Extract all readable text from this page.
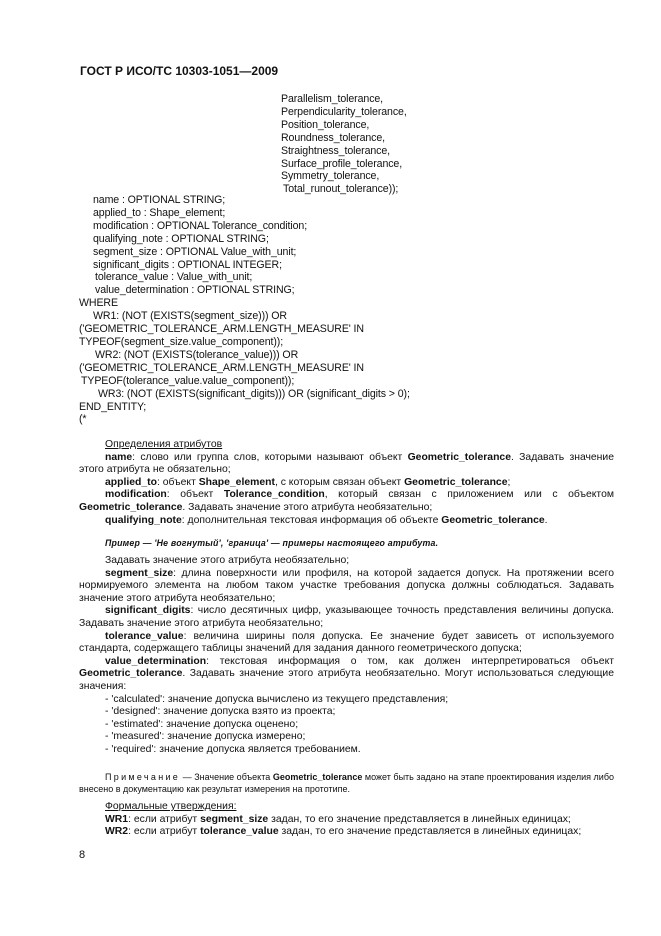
ГОСТ Р ИСО/ТС 10303-1051—2009
Parallelism_tolerance,
Perpendicularity_tolerance,
Position_tolerance,
Roundness_tolerance,
Straightness_tolerance,
Surface_profile_tolerance,
Symmetry_tolerance,
Total_runout_tolerance));
name : OPTIONAL STRING;
applied_to : Shape_element;
modification : OPTIONAL Tolerance_condition;
qualifying_note : OPTIONAL STRING;
segment_size : OPTIONAL Value_with_unit;
significant_digits : OPTIONAL INTEGER;
tolerance_value : Value_with_unit;
value_determination : OPTIONAL STRING;
WHERE
WR1: (NOT (EXISTS(segment_size))) OR
('GEOMETRIC_TOLERANCE_ARM.LENGTH_MEASURE' IN
TYPEOF(segment_size.value_component));
WR2: (NOT (EXISTS(tolerance_value))) OR
('GEOMETRIC_TOLERANCE_ARM.LENGTH_MEASURE' IN
TYPEOF(tolerance_value.value_component));
WR3: (NOT (EXISTS(significant_digits))) OR (significant_digits > 0);
END_ENTITY;
(*

Определения атрибутов

name: слово или группа слов, которыми называют объект Geometric_tolerance. Задавать значение этого атрибута не обязательно;

applied_to: объект Shape_element, с которым связан объект Geometric_tolerance;

modification: объект Tolerance_condition, который связан с приложением или с объектом Geometric_tolerance. Задавать значение этого атрибута необязательно;

qualifying_note: дополнительная текстовая информация об объекте Geometric_tolerance.

Пример — 'Не вогнутый', 'граница' — примеры настоящего атрибута.

Задавать значение этого атрибута необязательно;

segment_size: длина поверхности или профиля, на которой задается допуск. На протяжении всего нормируемого элемента на любом таком участке требования допуска должны соблюдаться. Задавать значение этого атрибута необязательно;

significant_digits: число десятичных цифр, указывающее точность представления величины допуска. Задавать значение этого атрибута необязательно;

tolerance_value: величина ширины поля допуска. Ее значение будет зависеть от используемого стандарта, содержащего таблицы значений для задания данного геометрического допуска;

value_determination: текстовая информация о том, как должен интерпретироваться объект Geometric_tolerance. Задавать значение этого атрибута необязательно. Могут использоваться следующие значения:

- 'calculated': значение допуска вычислено из текущего представления;

- 'designed': значение допуска взято из проекта;

- 'estimated': значение допуска оценено;

- 'measured': значение допуска измерено;

- 'required': значение допуска является требованием.

Примечание — Значение объекта Geometric_tolerance может быть задано на этапе проектирования изделия либо внесено в документацию как результат измерения на прототипе.

Формальные утверждения:

WR1: если атрибут segment_size задан, то его значение представляется в линейных единицах;

WR2: если атрибут tolerance_value задан, то его значение представляется в линейных единицах;

8
